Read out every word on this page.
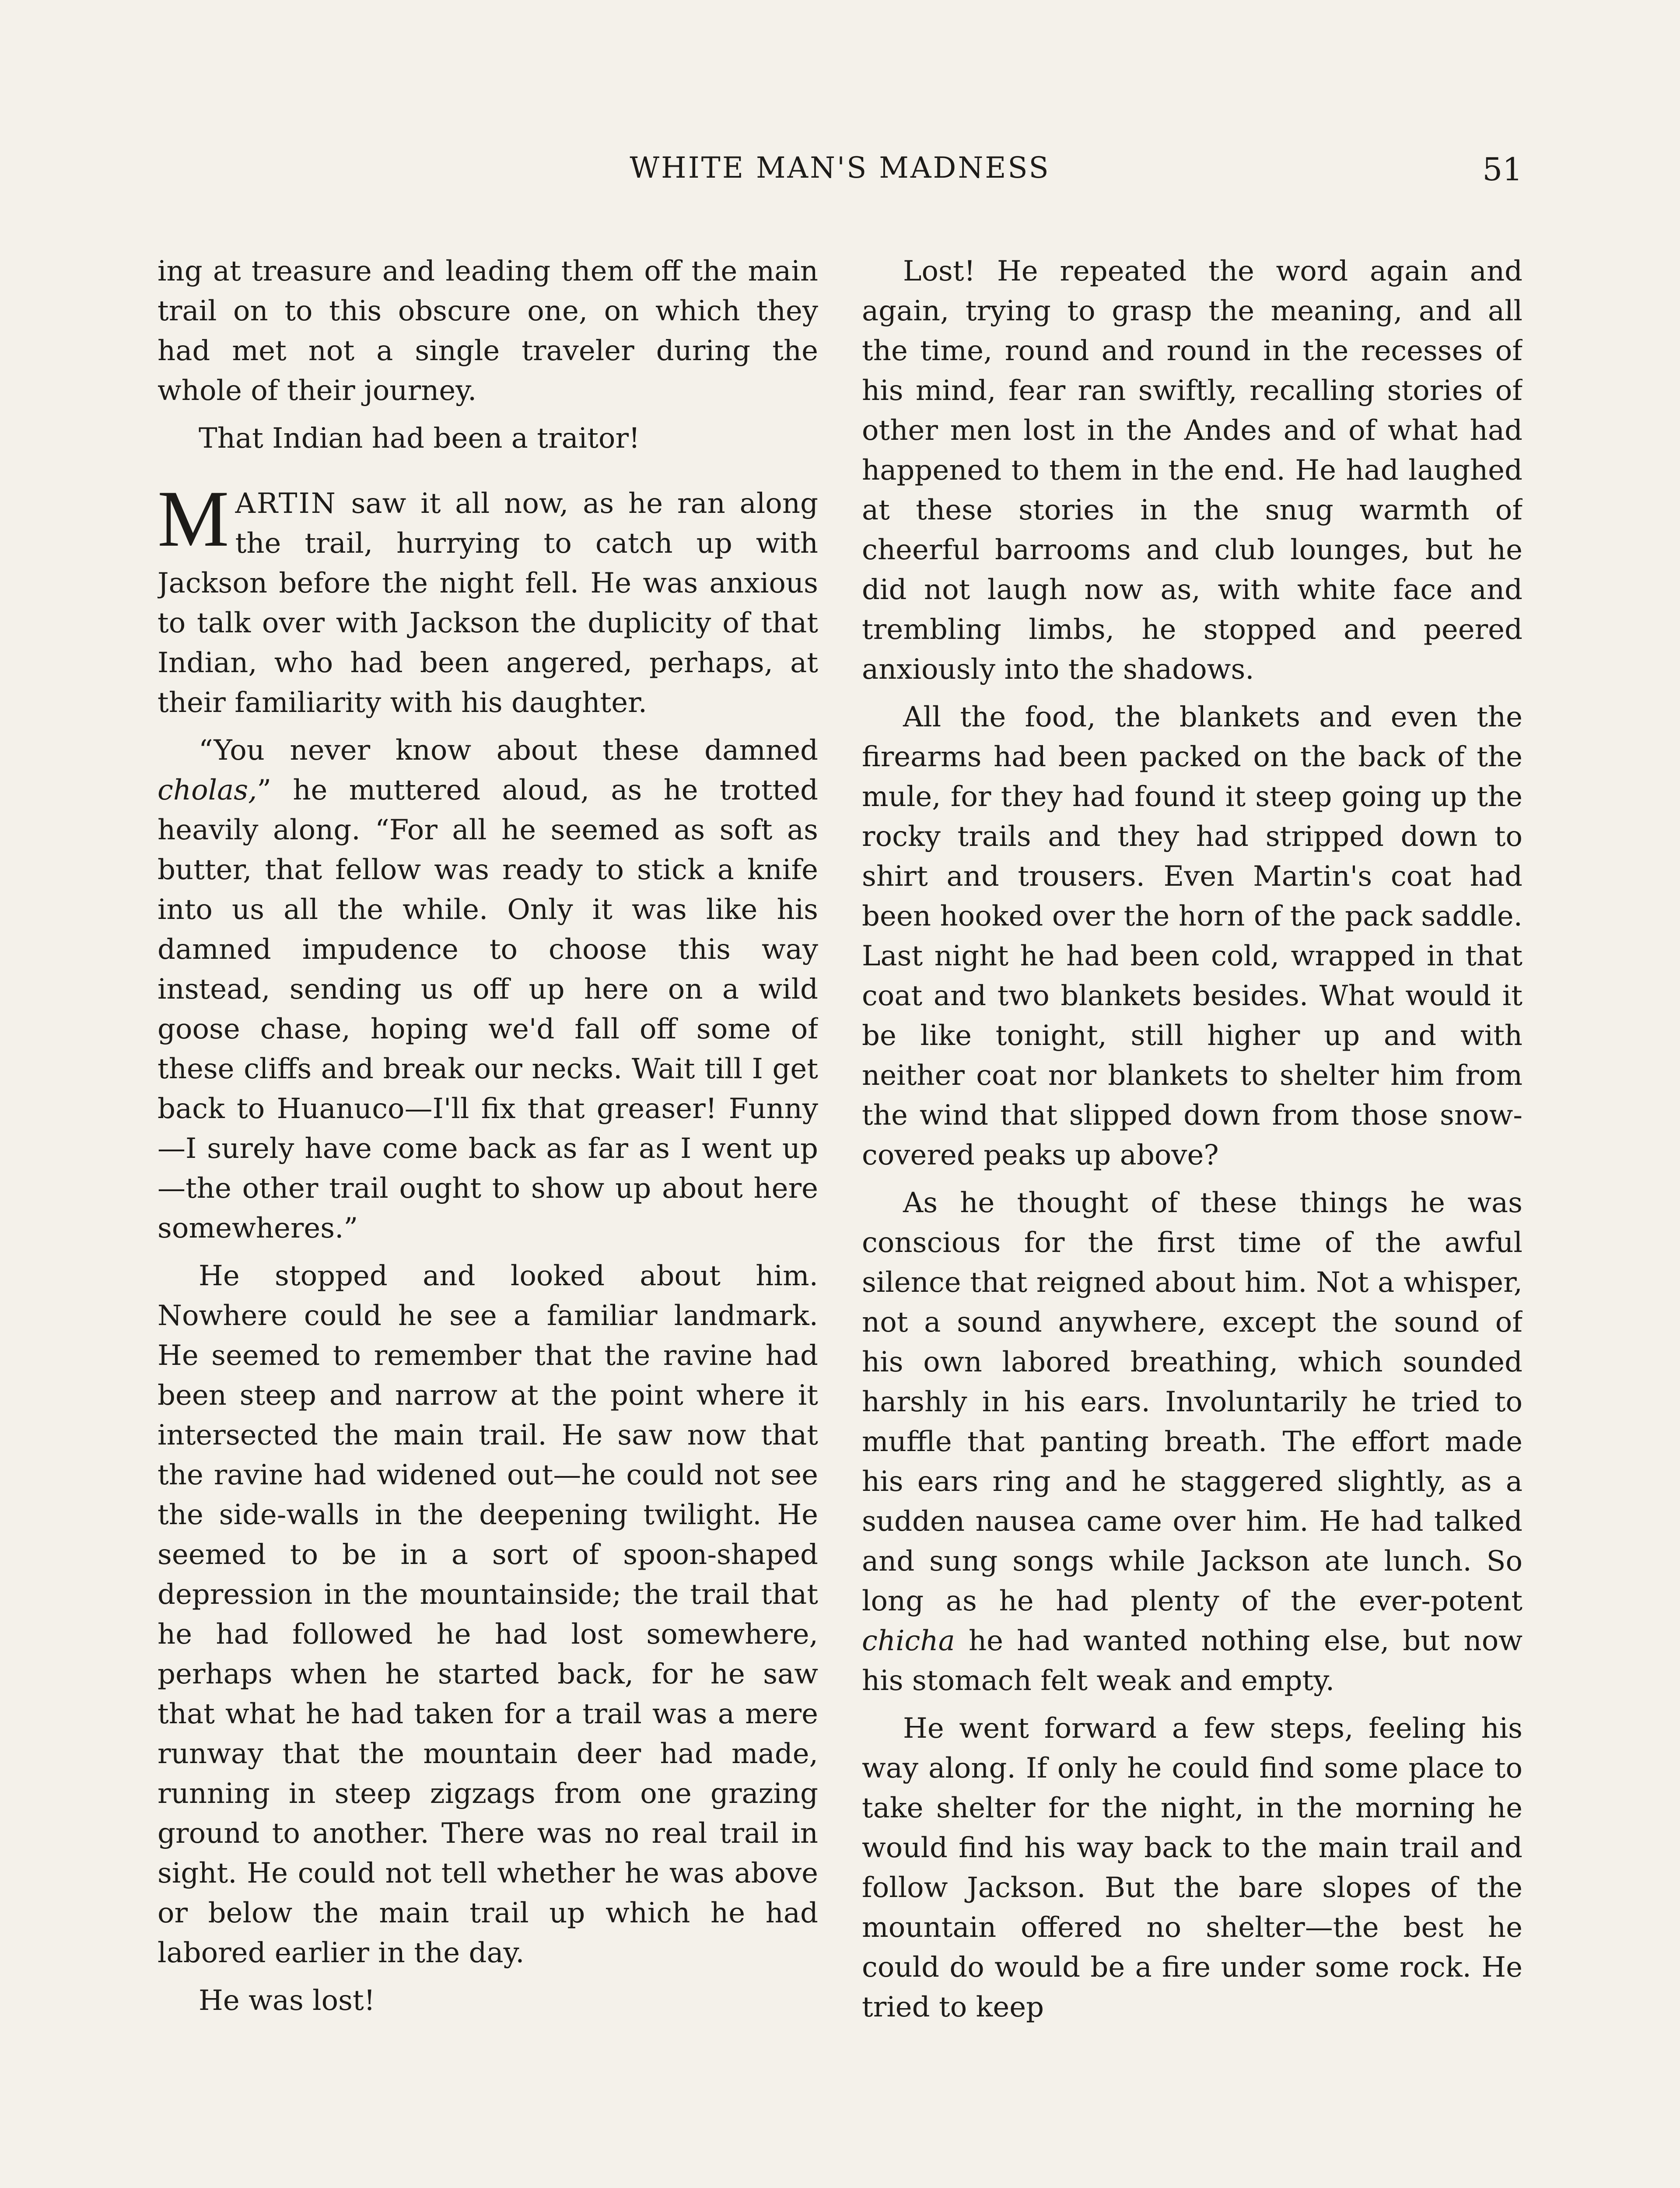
WHITE MAN'S MADNESS	51

ing at treasure and leading them off the main trail on to this obscure one, on which they had met not a single traveler during the whole of their journey.

That Indian had been a traitor!

MARTIN saw it all now, as he ran along the trail, hurrying to catch up with Jackson before the night fell. He was anxious to talk over with Jackson the duplicity of that Indian, who had been angered, perhaps, at their familiarity with his daughter.

“You never know about these damned cholas,” he muttered aloud, as he trotted heavily along. “For all he seemed as soft as butter, that fellow was ready to stick a knife into us all the while. Only it was like his damned impudence to choose this way instead, sending us off up here on a wild goose chase, hoping we'd fall off some of these cliffs and break our necks. Wait till I get back to Huanuco—I'll fix that greaser! Funny—I surely have come back as far as I went up—the other trail ought to show up about here somewheres.”

He stopped and looked about him. Nowhere could he see a familiar landmark. He seemed to remember that the ravine had been steep and narrow at the point where it intersected the main trail. He saw now that the ravine had widened out—he could not see the side-walls in the deepening twilight. He seemed to be in a sort of spoon-shaped depression in the mountainside; the trail that he had followed he had lost somewhere, perhaps when he started back, for he saw that what he had taken for a trail was a mere runway that the mountain deer had made, running in steep zigzags from one grazing ground to another. There was no real trail in sight. He could not tell whether he was above or below the main trail up which he had labored earlier in the day.

He was lost!

Lost! He repeated the word again and again, trying to grasp the meaning, and all the time, round and round in the recesses of his mind, fear ran swiftly, recalling stories of other men lost in the Andes and of what had happened to them in the end. He had laughed at these stories in the snug warmth of cheerful barrooms and club lounges, but he did not laugh now as, with white face and trembling limbs, he stopped and peered anxiously into the shadows.

All the food, the blankets and even the firearms had been packed on the back of the mule, for they had found it steep going up the rocky trails and they had stripped down to shirt and trousers. Even Martin's coat had been hooked over the horn of the pack saddle. Last night he had been cold, wrapped in that coat and two blankets besides. What would it be like tonight, still higher up and with neither coat nor blankets to shelter him from the wind that slipped down from those snow-covered peaks up above?

As he thought of these things he was conscious for the first time of the awful silence that reigned about him. Not a whisper, not a sound anywhere, except the sound of his own labored breathing, which sounded harshly in his ears. Involuntarily he tried to muffle that panting breath. The effort made his ears ring and he staggered slightly, as a sudden nausea came over him. He had talked and sung songs while Jackson ate lunch. So long as he had plenty of the ever-potent chicha he had wanted nothing else, but now his stomach felt weak and empty.

He went forward a few steps, feeling his way along. If only he could find some place to take shelter for the night, in the morning he would find his way back to the main trail and follow Jackson. But the bare slopes of the mountain offered no shelter—the best he could do would be a fire under some rock. He tried to keep
